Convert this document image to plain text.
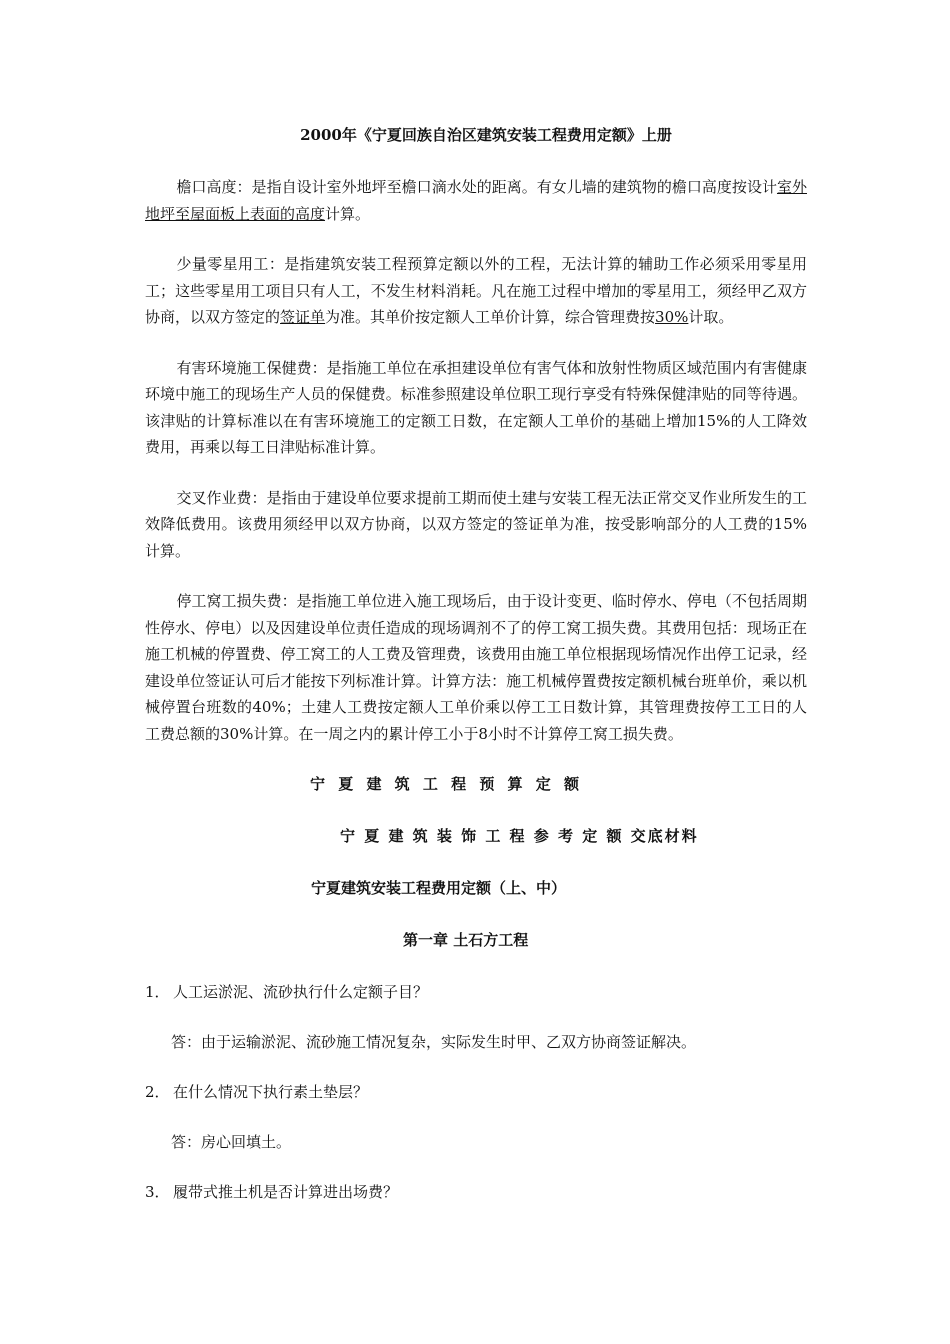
2000年《宁夏回族自治区建筑安装工程费用定额》上册

檐口高度：是指自设计室外地坪至檐口滴水处的距离。有女儿墙的建筑物的檐口高度按设计室外地坪至屋面板上表面的高度计算。

少量零星用工：是指建筑安装工程预算定额以外的工程，无法计算的辅助工作必须采用零星用工；这些零星用工项目只有人工，不发生材料消耗。凡在施工过程中增加的零星用工，须经甲乙双方协商，以双方签定的签证单为准。其单价按定额人工单价计算，综合管理费按30%计取。

有害环境施工保健费：是指施工单位在承担建设单位有害气体和放射性物质区域范围内有害健康环境中施工的现场生产人员的保健费。标准参照建设单位职工现行享受有特殊保健津贴的同等待遇。该津贴的计算标准以在有害环境施工的定额工日数，在定额人工单价的基础上增加15%的人工降效费用，再乘以每工日津贴标准计算。

交叉作业费：是指由于建设单位要求提前工期而使土建与安装工程无法正常交叉作业所发生的工效降低费用。该费用须经甲以双方协商，以双方签定的签证单为准，按受影响部分的人工费的15%计算。

停工窝工损失费：是指施工单位进入施工现场后，由于设计变更、临时停水、停电（不包括周期性停水、停电）以及因建设单位责任造成的现场调剂不了的停工窝工损失费。其费用包括：现场正在施工机械的停置费、停工窝工的人工费及管理费，该费用由施工单位根据现场情况作出停工记录，经建设单位签证认可后才能按下列标准计算。计算方法：施工机械停置费按定额机械台班单价，乘以机械停置台班数的40%；土建人工费按定额人工单价乘以停工工日数计算，其管理费按停工工日的人工费总额的30%计算。在一周之内的累计停工小于8小时不计算停工窝工损失费。

宁 夏 建 筑 工 程 预 算 定 额

宁 夏 建 筑 装 饰 工 程 参 考 定 额 交底材料

宁夏建筑安装工程费用定额（上、中）

第一章 土石方工程

1． 人工运淤泥、流砂执行什么定额子目？

答：由于运输淤泥、流砂施工情况复杂，实际发生时甲、乙双方协商签证解决。

2． 在什么情况下执行素土垫层？

答：房心回填土。

3． 履带式推土机是否计算进出场费？
